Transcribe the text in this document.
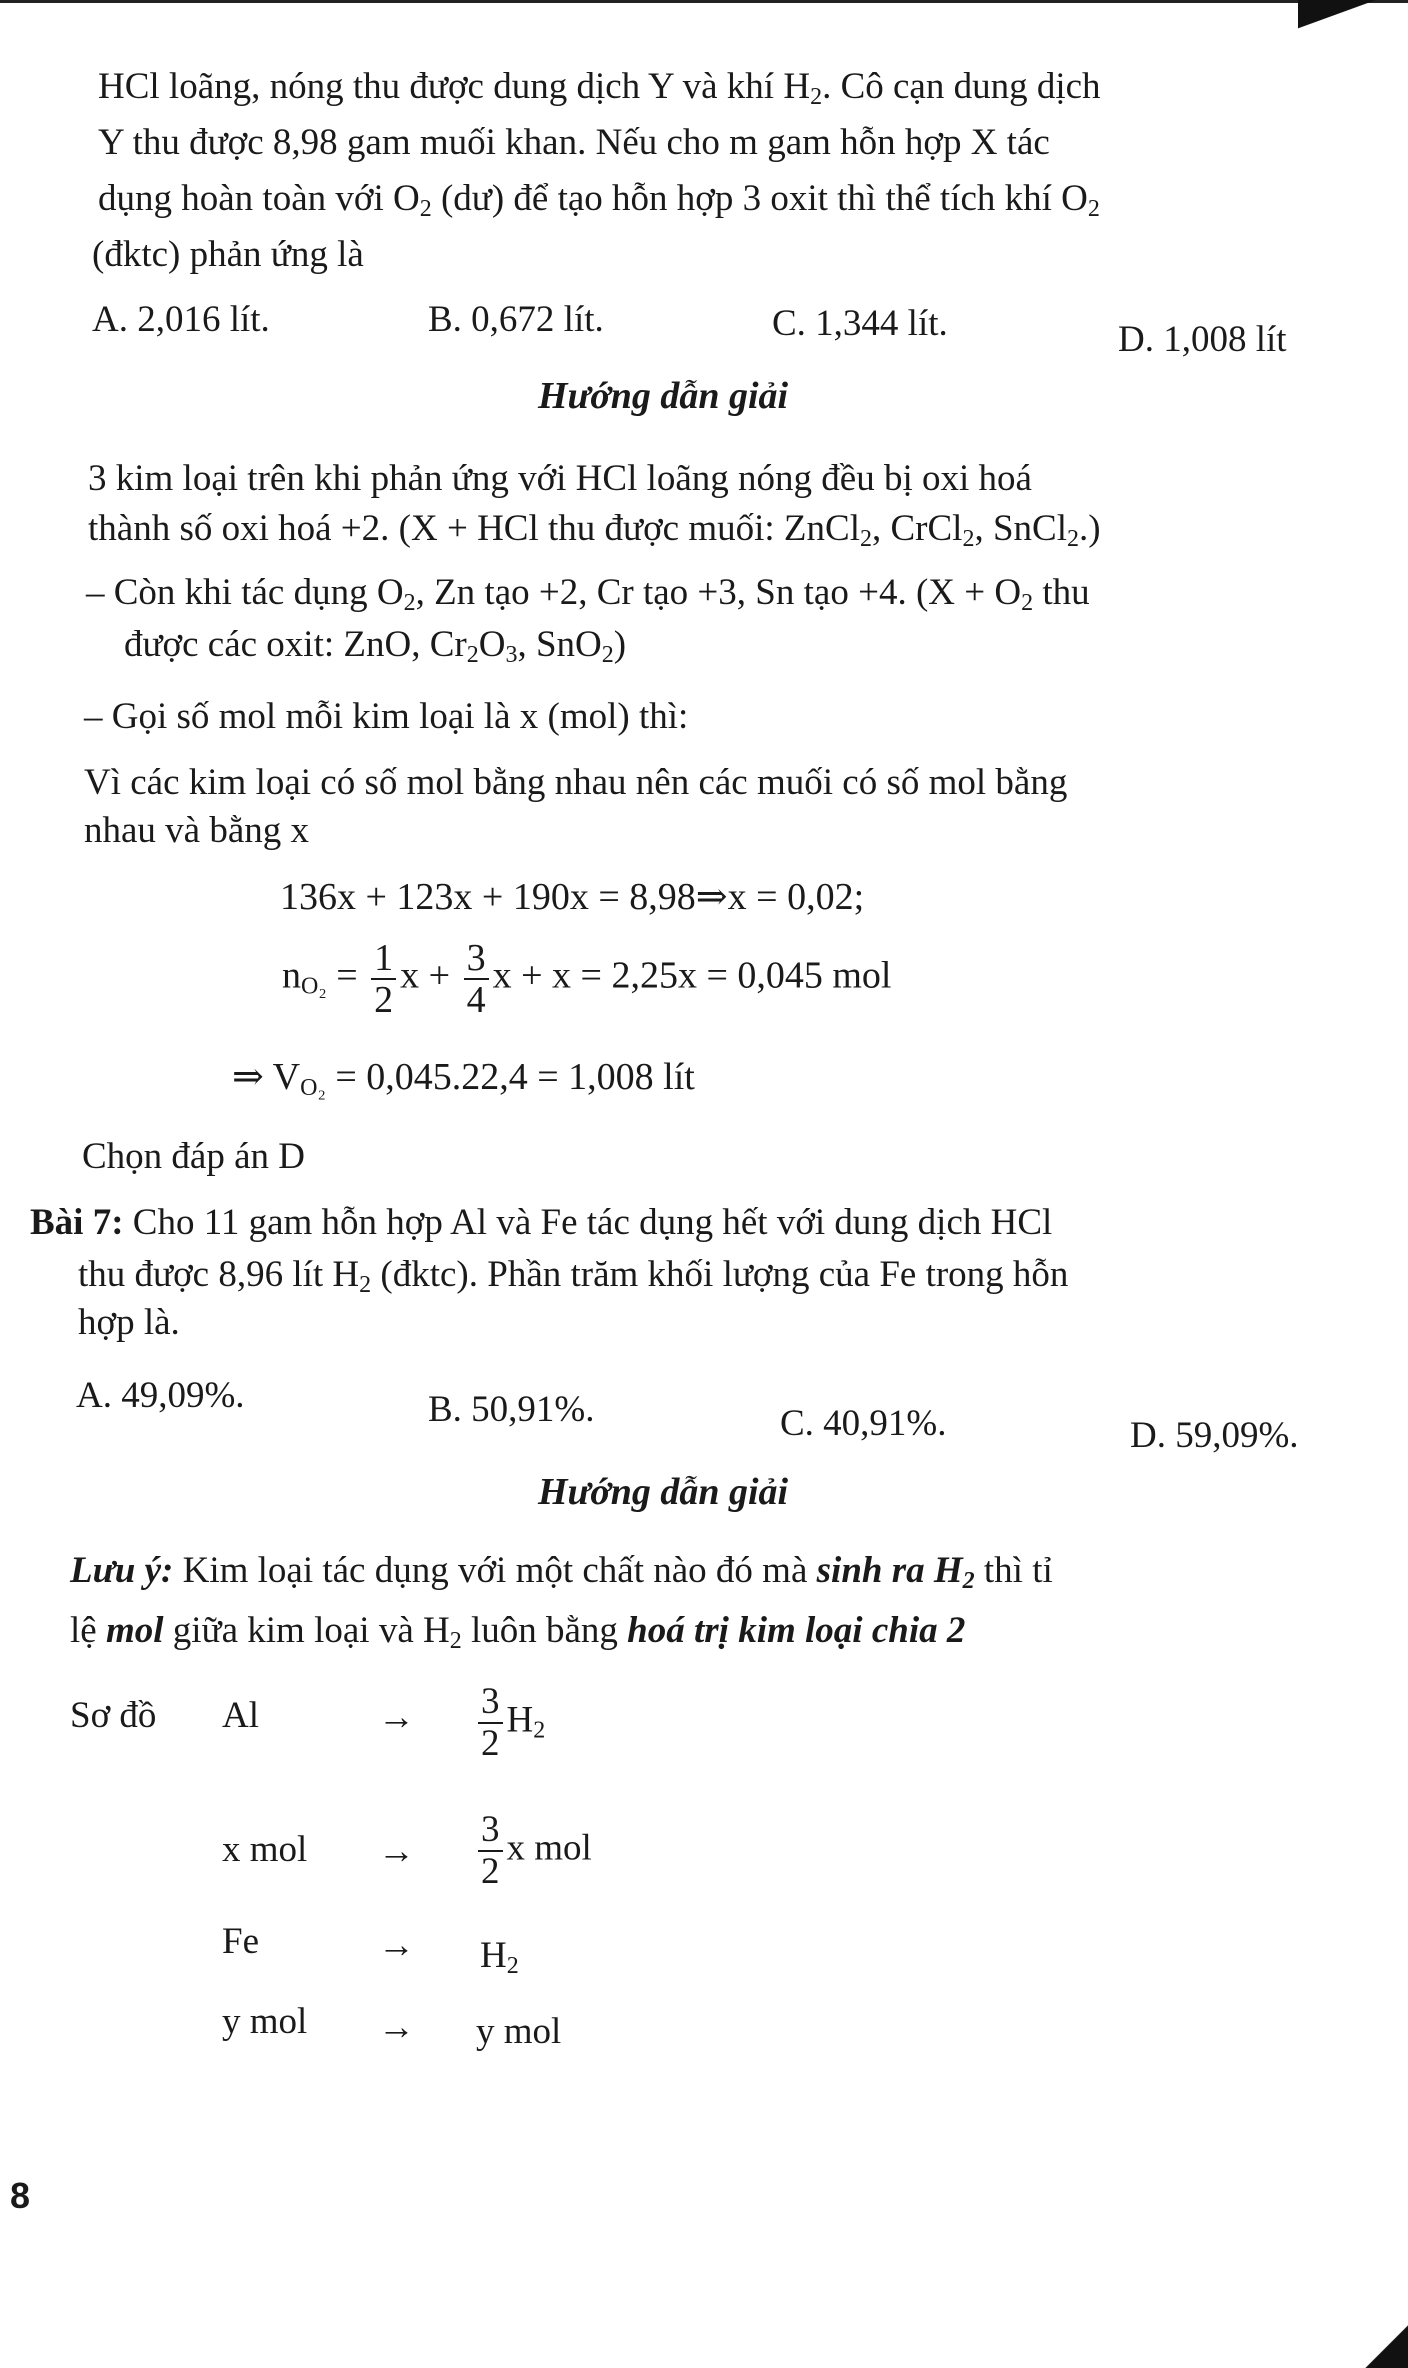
HCl loãng, nóng thu được dung dịch Y và khí $H_2$. Cô cạn dung dịch
Y thu được 8,98 gam muối khan. Nếu cho m gam hỗn hợp X tác
dụng hoàn toàn với $O_2$ (dư) để tạo hỗn hợp 3 oxit thì thể tích khí $O_2$
(đktc) phản ứng là
A. 2,016 lít.	B. 0,672 lít.	C. 1,344 lít.	D. 1,008 lít
Hướng dẫn giải
3 kim loại trên khi phản ứng với HCl loãng nóng đều bị oxi hoá
thành số oxi hoá +2. (X + HCl thu được muối: ZnCl$_2$, CrCl$_2$, SnCl$_2$.)
– Còn khi tác dụng $O_2$, Zn tạo +2, Cr tạo +3, Sn tạo +4. ($X + O_2$ thu
được các oxit: ZnO, $Cr_2O_3$, SnO$_2$)
– Gọi số mol mỗi kim loại là x (mol) thì:
Vì các kim loại có số mol bằng nhau nên các muối có số mol bằng
nhau và bằng x
136x + 123x + 190x = 8,98⇒x = 0,02;
$n_{O_2} = \frac{1}{2}$ $x + \frac{3}{4}$ x + x = 2,25x = 0,045 mol
⇒ $V_{O_2} = 0,045.22,4 = 1,008$ lít
Chọn đáp án D
Bài 7: Cho 11 gam hỗn hợp Al và Fe tác dụng hết với dung dịch HCl
thu được 8,96 lít $H_2$ (đktc). Phần trăm khối lượng của Fe trong hỗn
hợp là.
A. 49,09%.	B. 50,91%.	C. 40,91%.	D. 59,09%.
Hướng dẫn giải
Lưu ý: Kim loại tác dụng với một chất nào đó mà sinh ra $H_2$ thì tỉ
lệ mol giữa kim loại và $H_2$ luôn bằng hoá trị kim loại chia 2
Sơ đồ Al	→ $\frac{3}{2} H_2$
x mol → $\frac{3}{2}$ x mol
Fe	→ $H_2$
y mol → y mol
8
